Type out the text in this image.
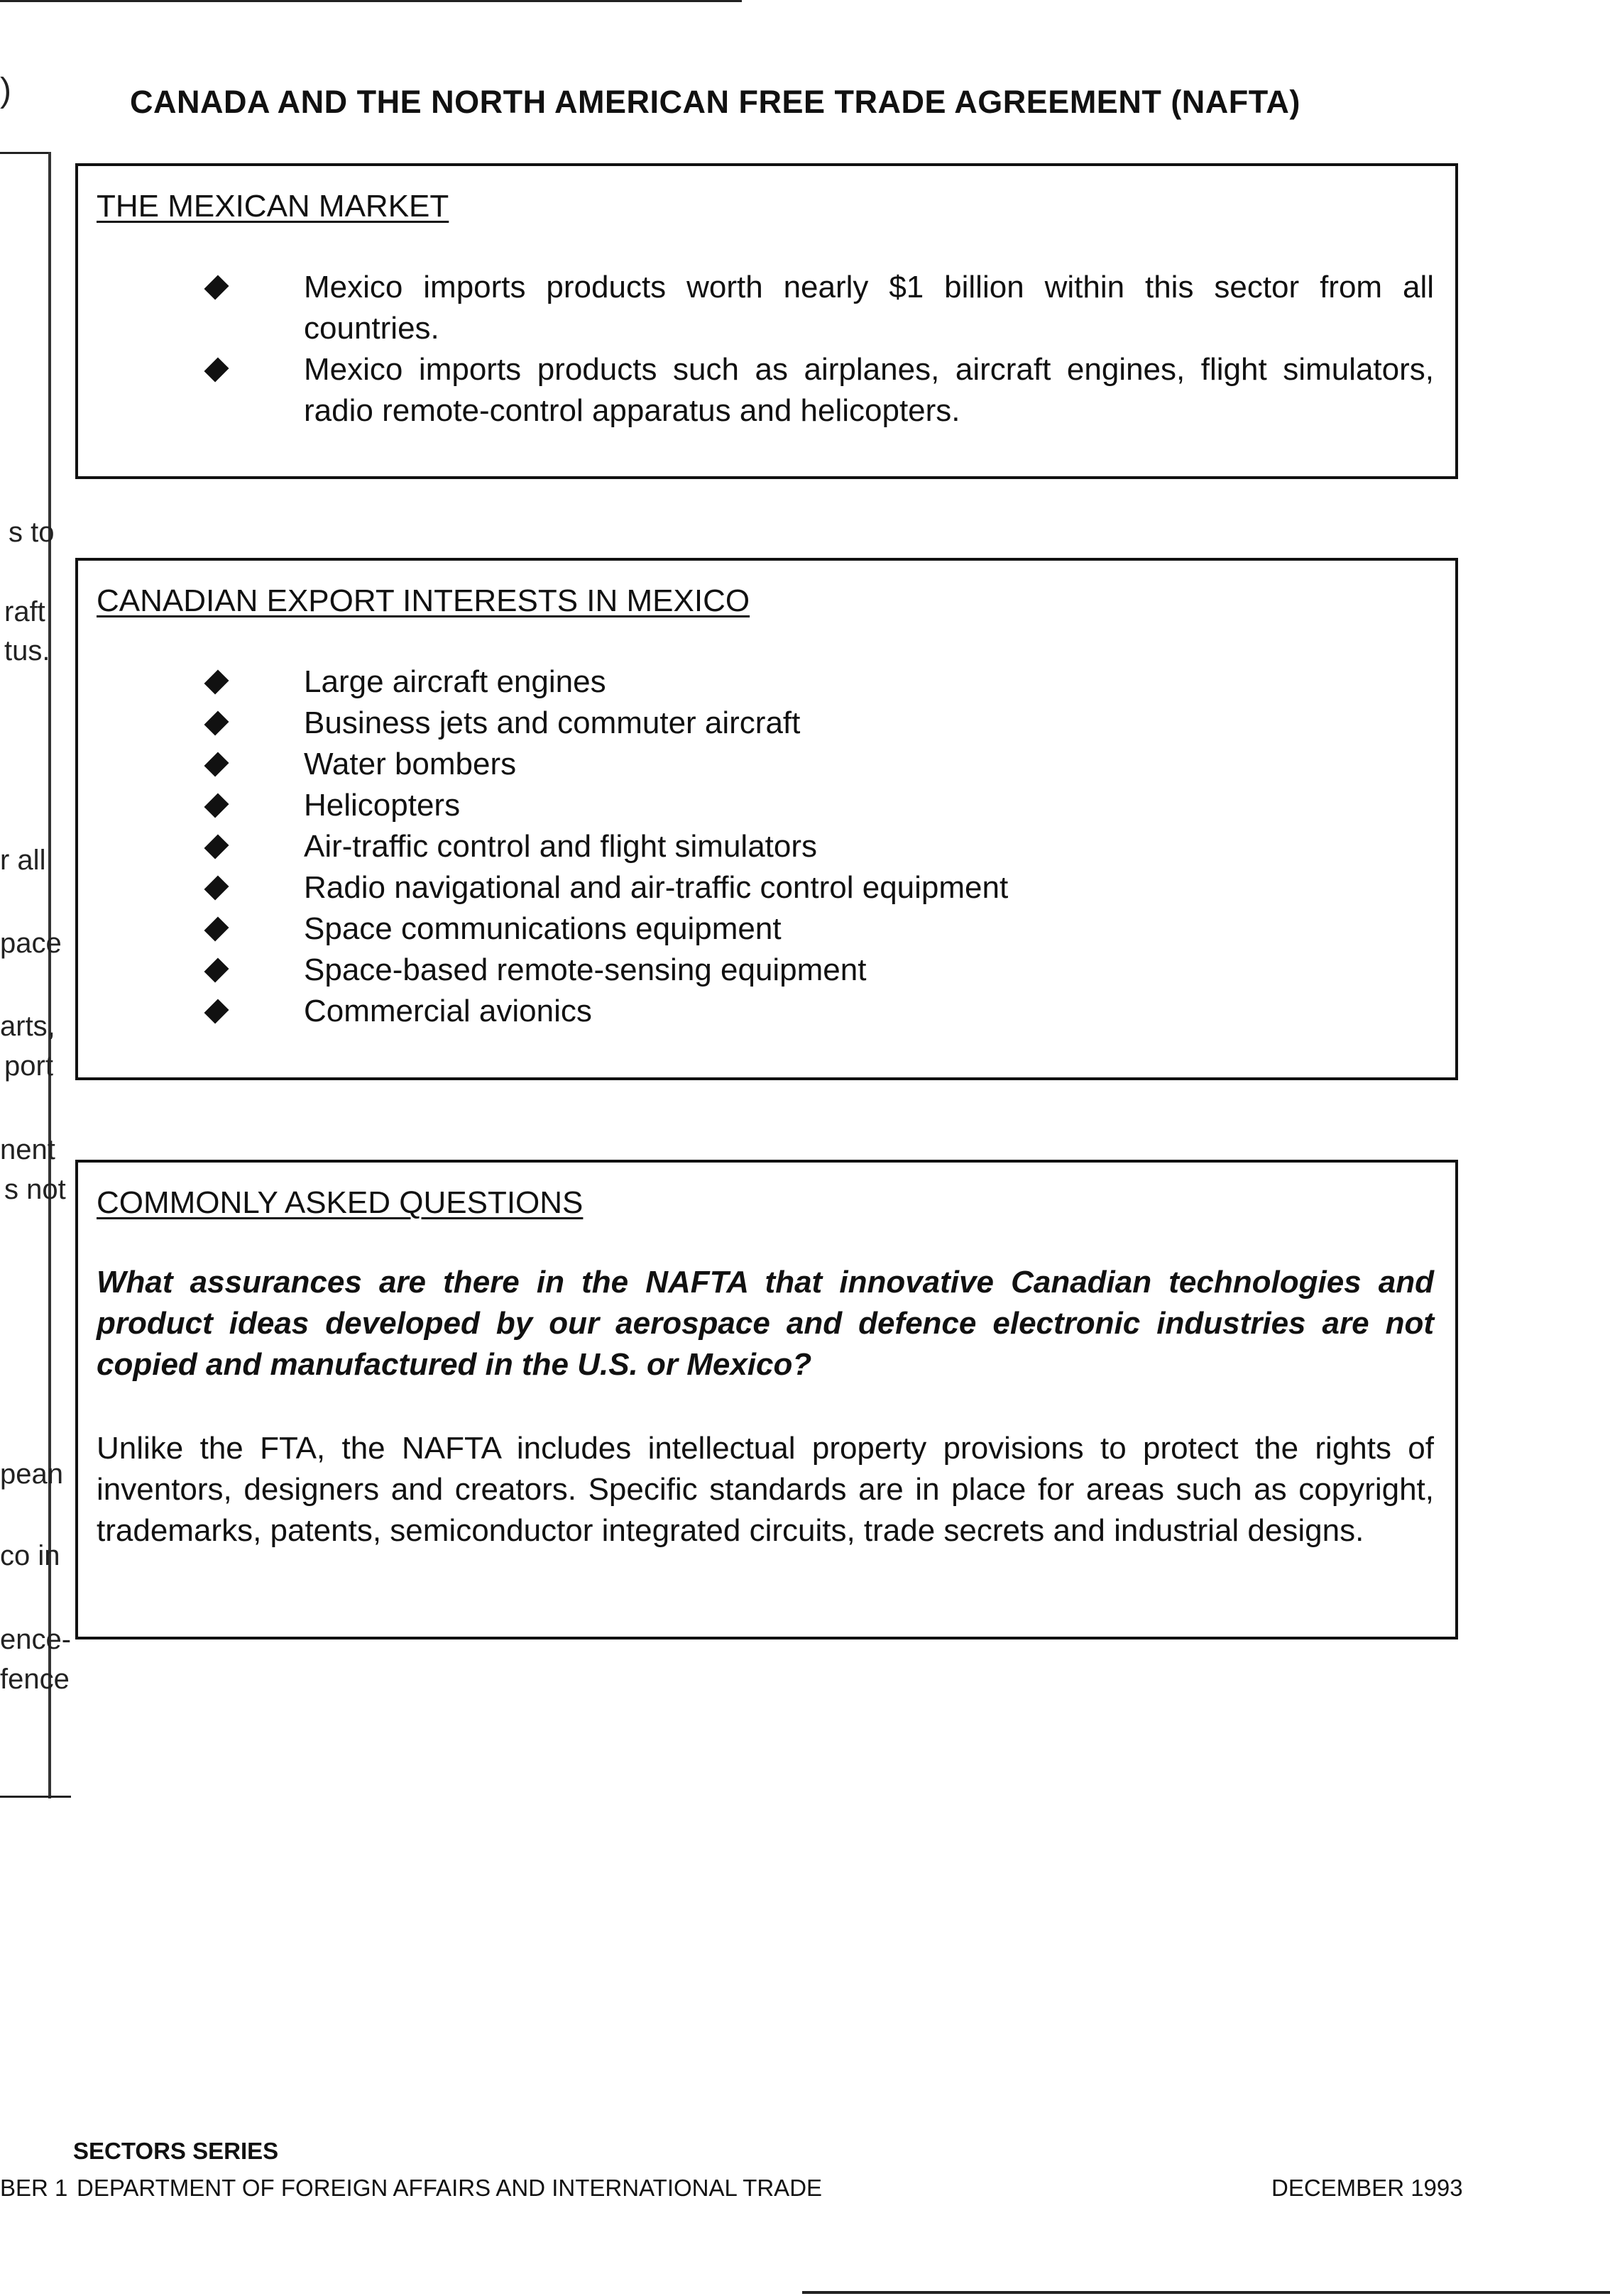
)
s to
raft
tus.
r all
pace
arts,
port
nent
s not
pean
co in
ence-
fence
CANADA AND THE NORTH AMERICAN FREE TRADE AGREEMENT (NAFTA)
THE MEXICAN MARKET
Mexico imports products worth nearly $1 billion within this sector from all countries.
Mexico imports products such as airplanes, aircraft engines, flight simulators, radio remote-control apparatus and helicopters.
CANADIAN EXPORT INTERESTS IN MEXICO
Large aircraft engines
Business jets and commuter aircraft
Water bombers
Helicopters
Air-traffic control and flight simulators
Radio navigational and air-traffic control equipment
Space communications equipment
Space-based remote-sensing equipment
Commercial avionics
COMMONLY ASKED QUESTIONS
What assurances are there in the NAFTA that innovative Canadian technologies and product ideas developed by our aerospace and defence electronic industries are not copied and manufactured in the U.S. or Mexico?
Unlike the FTA, the NAFTA includes intellectual property provisions to protect the rights of inventors, designers and creators. Specific standards are in place for areas such as copyright, trademarks, patents, semiconductor integrated circuits, trade secrets and industrial designs.
SECTORS SERIES
BER 1 DEPARTMENT OF FOREIGN AFFAIRS AND INTERNATIONAL TRADE	DECEMBER 1993
